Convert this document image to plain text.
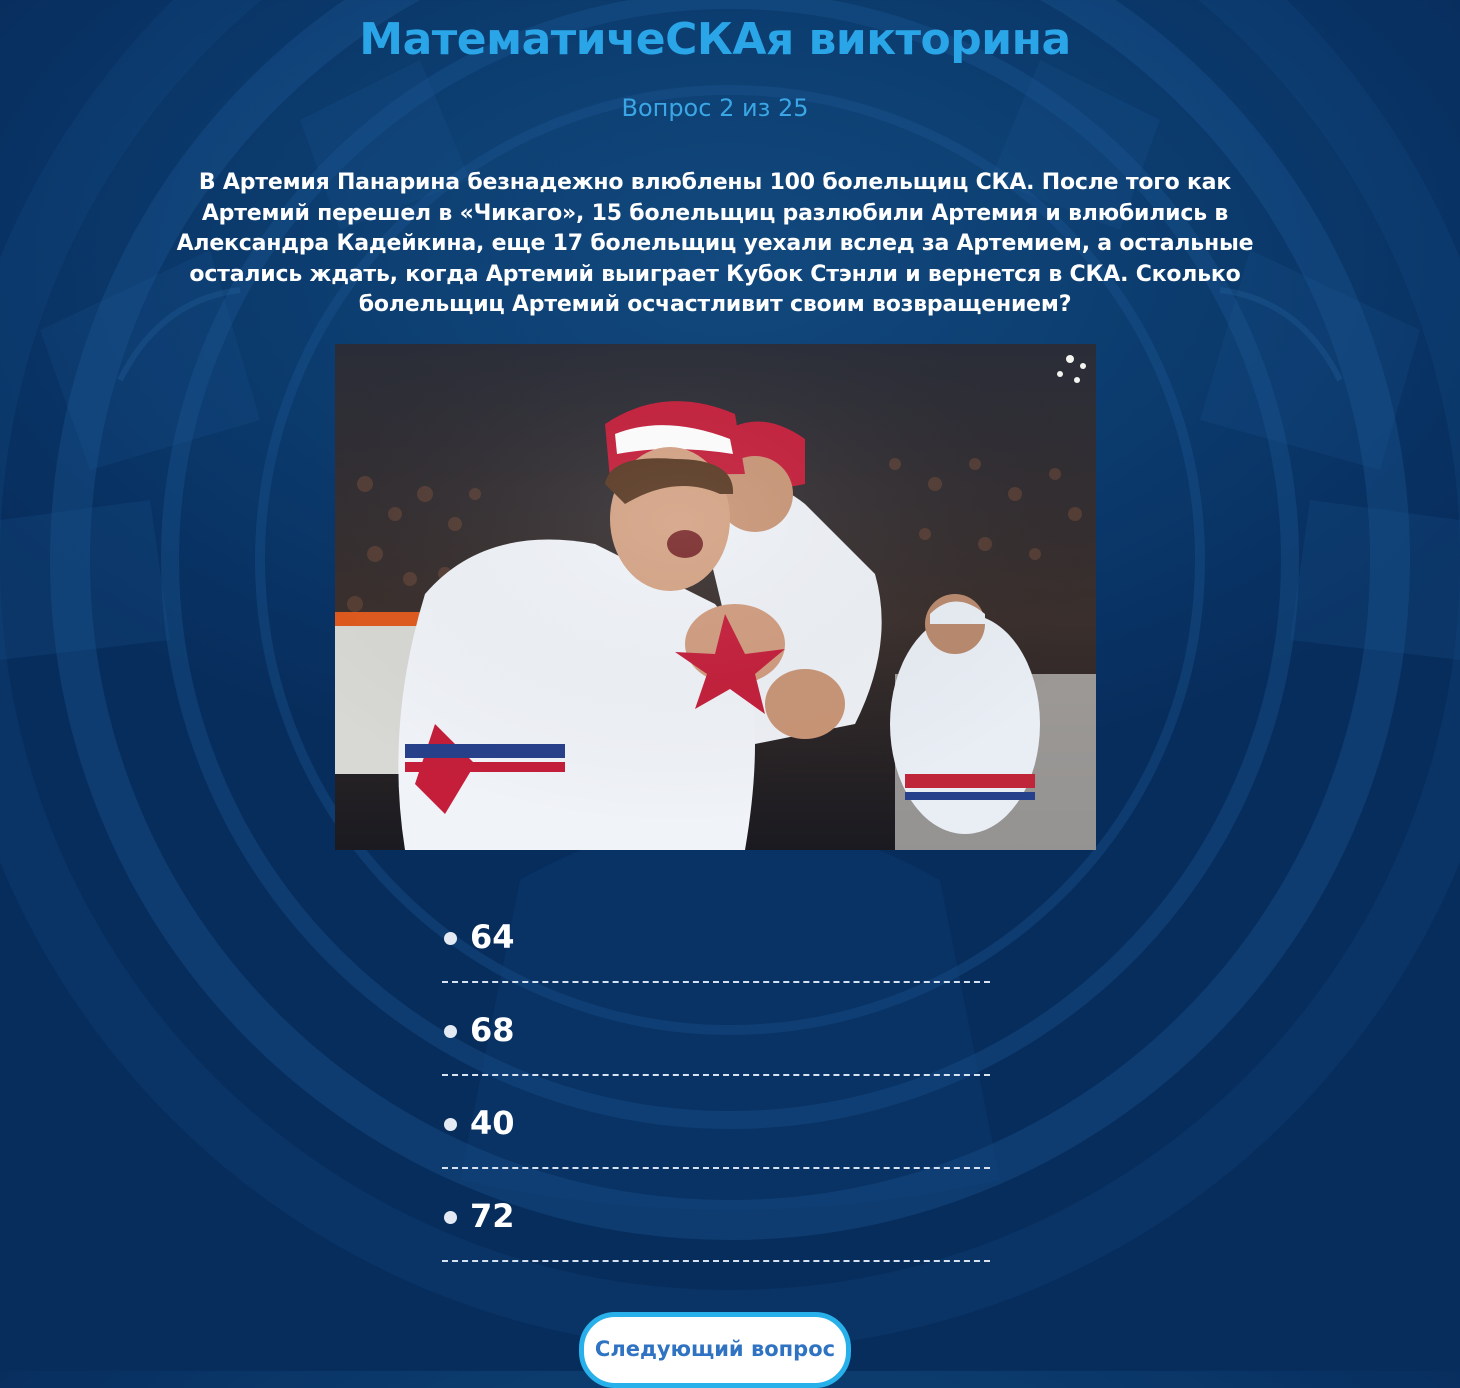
МатематичеСКАя викторина
Вопрос 2 из 25
В Артемия Панарина безнадежно влюблены 100 болельщиц СКА. После того как Артемий перешел в «Чикаго», 15 болельщиц разлюбили Артемия и влюбились в Александра Кадейкина, еще 17 болельщиц уехали вслед за Артемием, а остальные остались ждать, когда Артемий выиграет Кубок Стэнли и вернется в СКА. Сколько болельщиц Артемий осчастливит своим возвращением?
64
68
40
72
Следующий вопрос
